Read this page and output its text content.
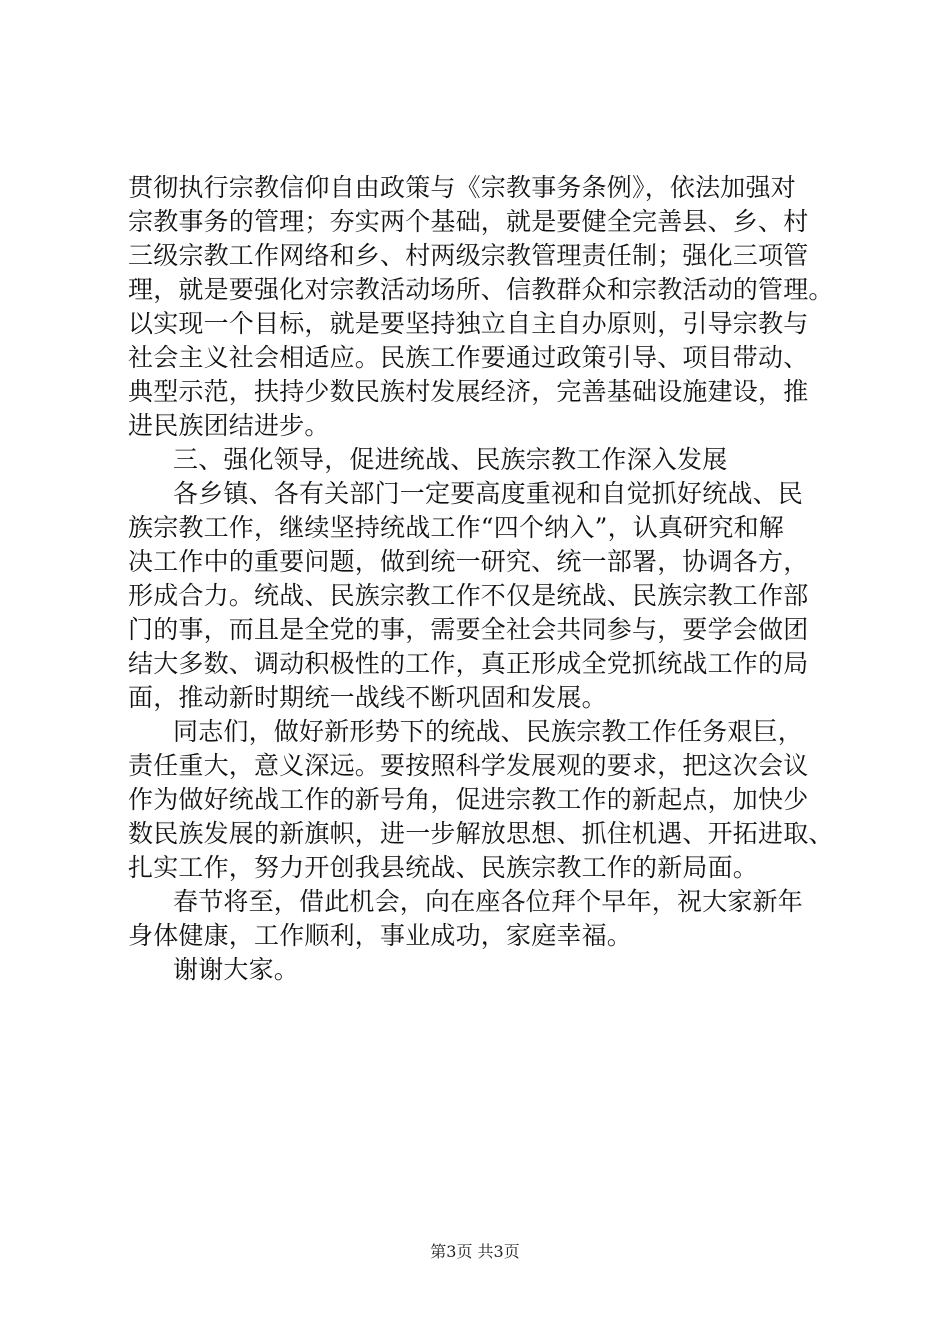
贯彻执行宗教信仰自由政策与《宗教事务条例》，依法加强对
宗教事务的管理；夯实两个基础，就是要健全完善县、乡、村
三级宗教工作网络和乡、村两级宗教管理责任制；强化三项管
理，就是要强化对宗教活动场所、信教群众和宗教活动的管理。
以实现一个目标，就是要坚持独立自主自办原则，引导宗教与
社会主义社会相适应。民族工作要通过政策引导、项目带动、
典型示范，扶持少数民族村发展经济，完善基础设施建设，推
进民族团结进步。
三、强化领导，促进统战、民族宗教工作深入发展
各乡镇、各有关部门一定要高度重视和自觉抓好统战、民
族宗教工作，继续坚持统战工作“四个纳入”，认真研究和解
决工作中的重要问题，做到统一研究、统一部署，协调各方，
形成合力。统战、民族宗教工作不仅是统战、民族宗教工作部
门的事，而且是全党的事，需要全社会共同参与，要学会做团
结大多数、调动积极性的工作，真正形成全党抓统战工作的局
面，推动新时期统一战线不断巩固和发展。
同志们，做好新形势下的统战、民族宗教工作任务艰巨，
责任重大，意义深远。要按照科学发展观的要求，把这次会议
作为做好统战工作的新号角，促进宗教工作的新起点，加快少
数民族发展的新旗帜，进一步解放思想、抓住机遇、开拓进取、
扎实工作，努力开创我县统战、民族宗教工作的新局面。
春节将至，借此机会，向在座各位拜个早年，祝大家新年
身体健康，工作顺利，事业成功，家庭幸福。
谢谢大家。
第3页 共3页
